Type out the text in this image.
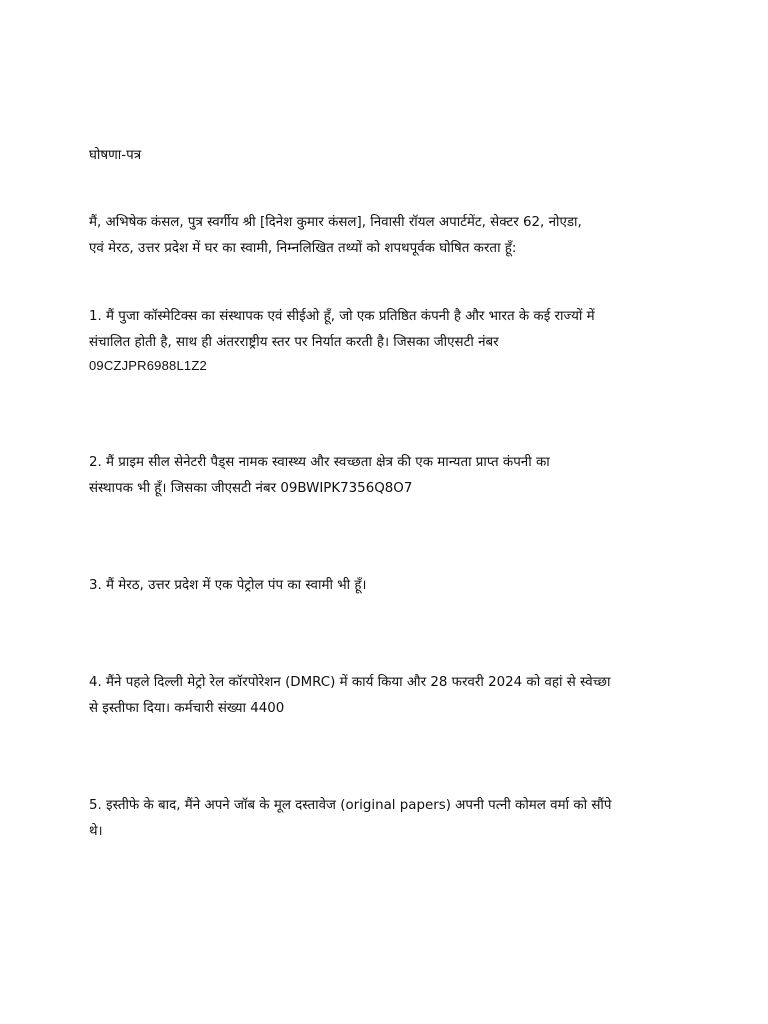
घोषणा-पत्र

मैं, अभिषेक कंसल, पुत्र स्वर्गीय श्री [दिनेश कुमार कंसल], निवासी रॉयल अपार्टमेंट, सेक्टर 62, नोएडा,
एवं मेरठ, उत्तर प्रदेश में घर का स्वामी, निम्नलिखित तथ्यों को शपथपूर्वक घोषित करता हूँ:

1. मैं पुजा कॉस्मेटिक्स का संस्थापक एवं सीईओ हूँ, जो एक प्रतिष्ठित कंपनी है और भारत के कई राज्यों में
संचालित होती है, साथ ही अंतरराष्ट्रीय स्तर पर निर्यात करती है। जिसका जीएसटी नंबर
09CZJPR6988L1Z2

2. मैं प्राइम सील सेनेटरी पैड्स नामक स्वास्थ्य और स्वच्छता क्षेत्र की एक मान्यता प्राप्त कंपनी का
संस्थापक भी हूँ। जिसका जीएसटी नंबर 09BWIPK7356Q8O7

3. मैं मेरठ, उत्तर प्रदेश में एक पेट्रोल पंप का स्वामी भी हूँ।

4. मैंने पहले दिल्ली मेट्रो रेल कॉरपोरेशन (DMRC) में कार्य किया और 28 फरवरी 2024 को वहां से स्वेच्छा
से इस्तीफा दिया। कर्मचारी संख्या 4400

5. इस्तीफे के बाद, मैंने अपने जॉब के मूल दस्तावेज (original papers) अपनी पत्नी कोमल वर्मा को सौंपे
थे।
